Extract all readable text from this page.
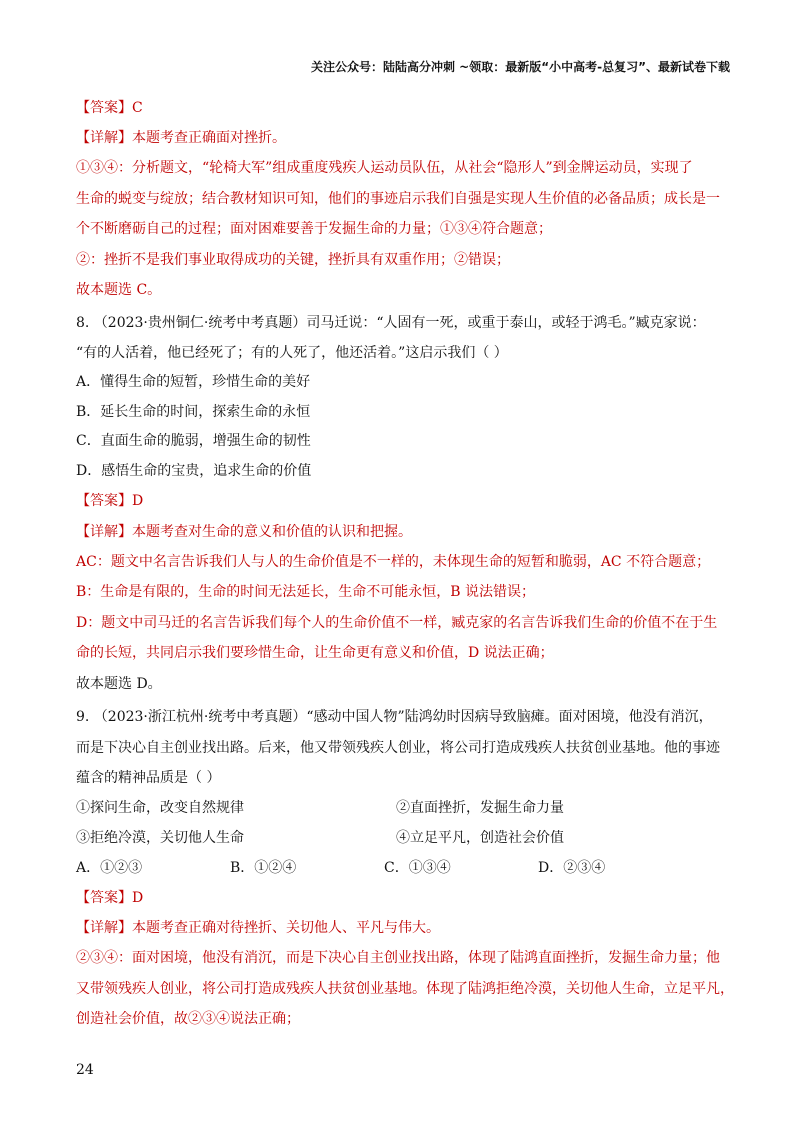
关注公众号：陆陆高分冲刺 ~领取：最新版“小中高考-总复习”、最新试卷下载
【答案】C
【详解】本题考查正确面对挫折。
①③④：分析题文，“轮椅大军”组成重度残疾人运动员队伍，从社会“隐形人”到金牌运动员，实现了
生命的蜕变与绽放；结合教材知识可知，他们的事迹启示我们自强是实现人生价值的必备品质；成长是一
个不断磨砺自己的过程；面对困难要善于发掘生命的力量；①③④符合题意；
②：挫折不是我们事业取得成功的关键，挫折具有双重作用；②错误；
故本题选 C。
8. （2023·贵州铜仁·统考中考真题）司马迁说：“人固有一死，或重于泰山，或轻于鸿毛。”臧克家说：
“有的人活着，他已经死了；有的人死了，他还活着。”这启示我们（ ）
A．懂得生命的短暂，珍惜生命的美好
B．延长生命的时间，探索生命的永恒
C．直面生命的脆弱，增强生命的韧性
D．感悟生命的宝贵，追求生命的价值
【答案】D
【详解】本题考查对生命的意义和价值的认识和把握。
AC：题文中名言告诉我们人与人的生命价值是不一样的，未体现生命的短暂和脆弱，AC 不符合题意；
B：生命是有限的，生命的时间无法延长，生命不可能永恒，B 说法错误；
D：题文中司马迁的名言告诉我们每个人的生命价值不一样，臧克家的名言告诉我们生命的价值不在于生
命的长短，共同启示我们要珍惜生命，让生命更有意义和价值，D 说法正确；
故本题选 D。
9. （2023·浙江杭州·统考中考真题）“感动中国人物”陆鸿幼时因病导致脑瘫。面对困境，他没有消沉，
而是下决心自主创业找出路。后来，他又带领残疾人创业，将公司打造成残疾人扶贫创业基地。他的事迹
蕴含的精神品质是（ ）
①探问生命，改变自然规律	②直面挫折，发掘生命力量
③拒绝冷漠，关切他人生命	④立足平凡，创造社会价值
A．①②③	B．①②④	C．①③④	D．②③④
【答案】D
【详解】本题考查正确对待挫折、关切他人、平凡与伟大。
②③④：面对困境，他没有消沉，而是下决心自主创业找出路，体现了陆鸿直面挫折，发掘生命力量；他
又带领残疾人创业，将公司打造成残疾人扶贫创业基地。体现了陆鸿拒绝冷漠，关切他人生命，立足平凡，
创造社会价值，故②③④说法正确；
24
